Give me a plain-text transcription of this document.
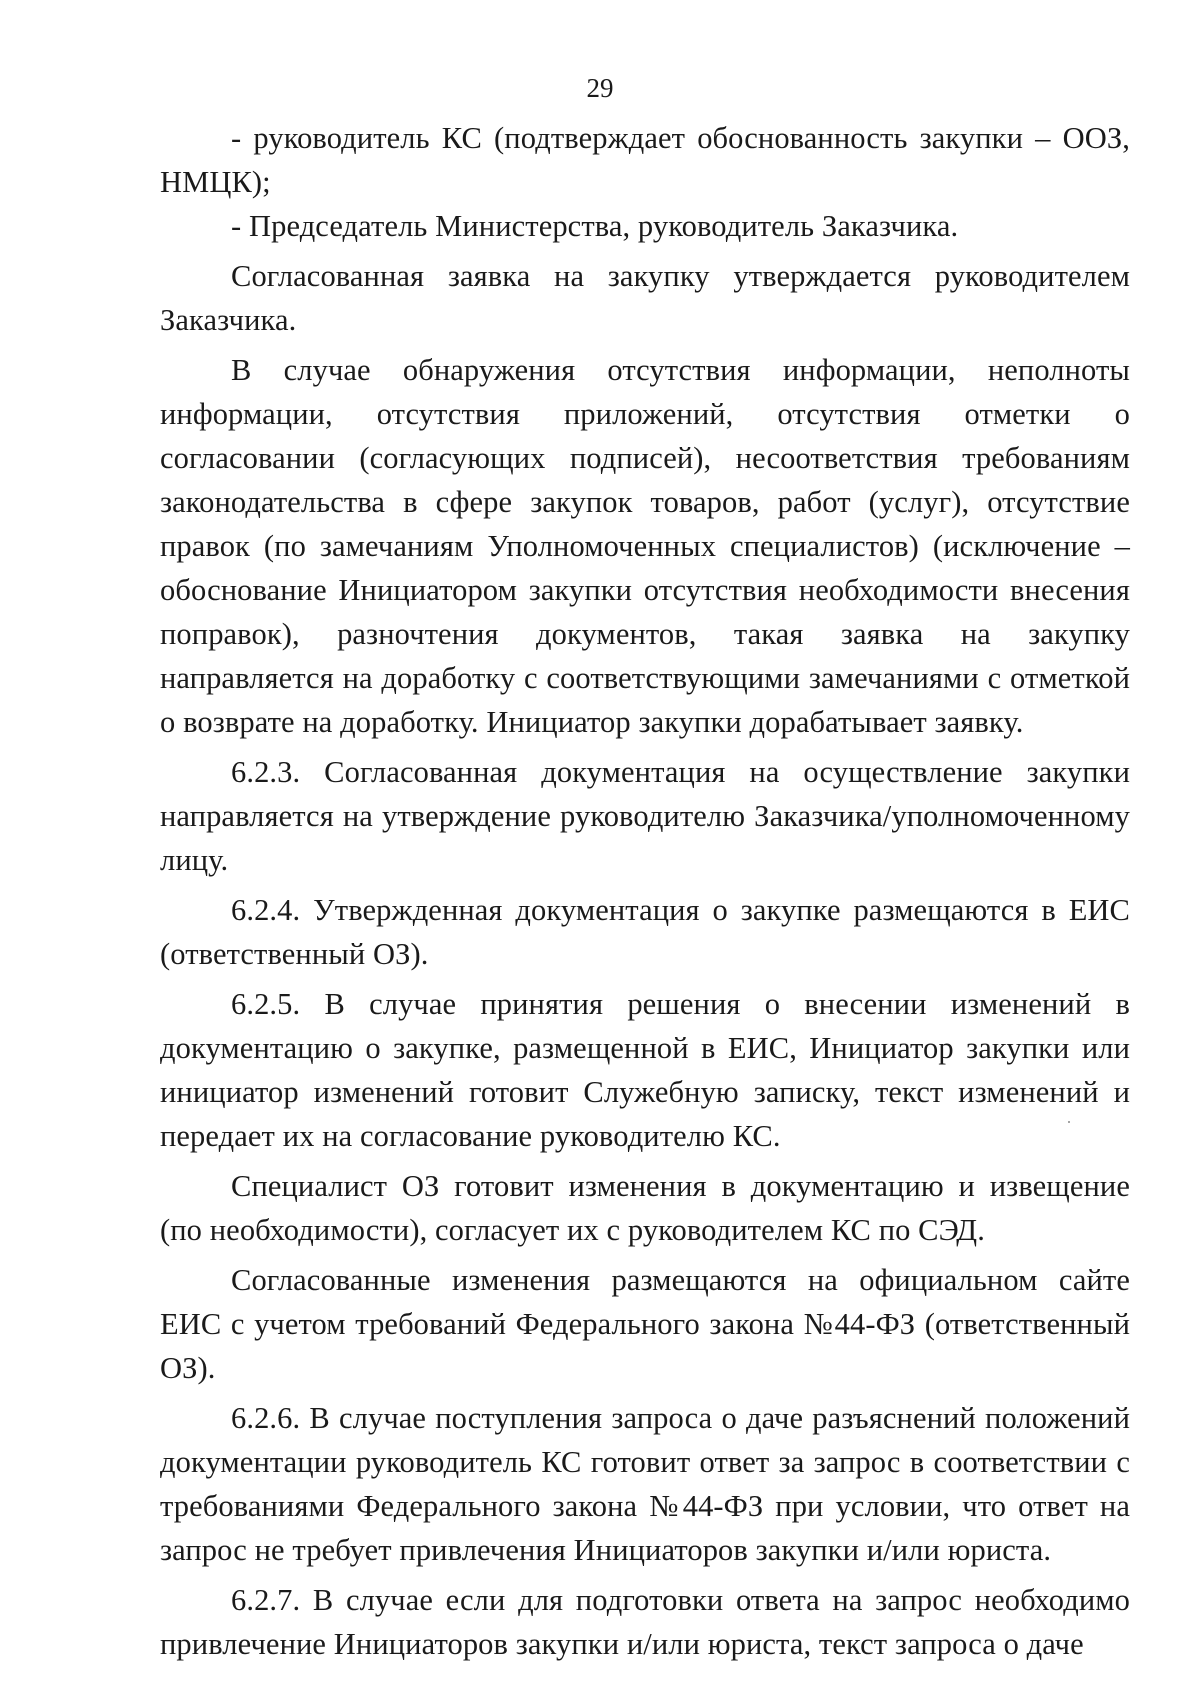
29

- руководитель КС (подтверждает обоснованность закупки – ООЗ, НМЦК);

- Председатель Министерства, руководитель Заказчика.

Согласованная заявка на закупку утверждается руководителем Заказчика.

В случае обнаружения отсутствия информации, неполноты информации, отсутствия приложений, отсутствия отметки о согласовании (согласующих подписей), несоответствия требованиям законодательства в сфере закупок товаров, работ (услуг), отсутствие правок (по замечаниям Уполномоченных специалистов) (исключение – обоснование Инициатором закупки отсутствия необходимости внесения поправок), разночтения документов, такая заявка на закупку направляется на доработку с соответствующими замечаниями с отметкой о возврате на доработку. Инициатор закупки дорабатывает заявку.

6.2.3. Согласованная документация на осуществление закупки направляется на утверждение руководителю Заказчика/уполномоченному лицу.

6.2.4. Утвержденная документация о закупке размещаются в ЕИС (ответственный ОЗ).

6.2.5. В случае принятия решения о внесении изменений в документацию о закупке, размещенной в ЕИС, Инициатор закупки или инициатор изменений готовит Служебную записку, текст изменений и передает их на согласование руководителю КС.

Специалист ОЗ готовит изменения в документацию и извещение (по необходимости), согласует их с руководителем КС по СЭД.

Согласованные изменения размещаются на официальном сайте ЕИС с учетом требований Федерального закона №44-ФЗ (ответственный ОЗ).

6.2.6. В случае поступления запроса о даче разъяснений положений документации руководитель КС готовит ответ за запрос в соответствии с требованиями Федерального закона №44-ФЗ при условии, что ответ на запрос не требует привлечения Инициаторов закупки и/или юриста.

6.2.7. В случае если для подготовки ответа на запрос необходимо привлечение Инициаторов закупки и/или юриста, текст запроса о даче
